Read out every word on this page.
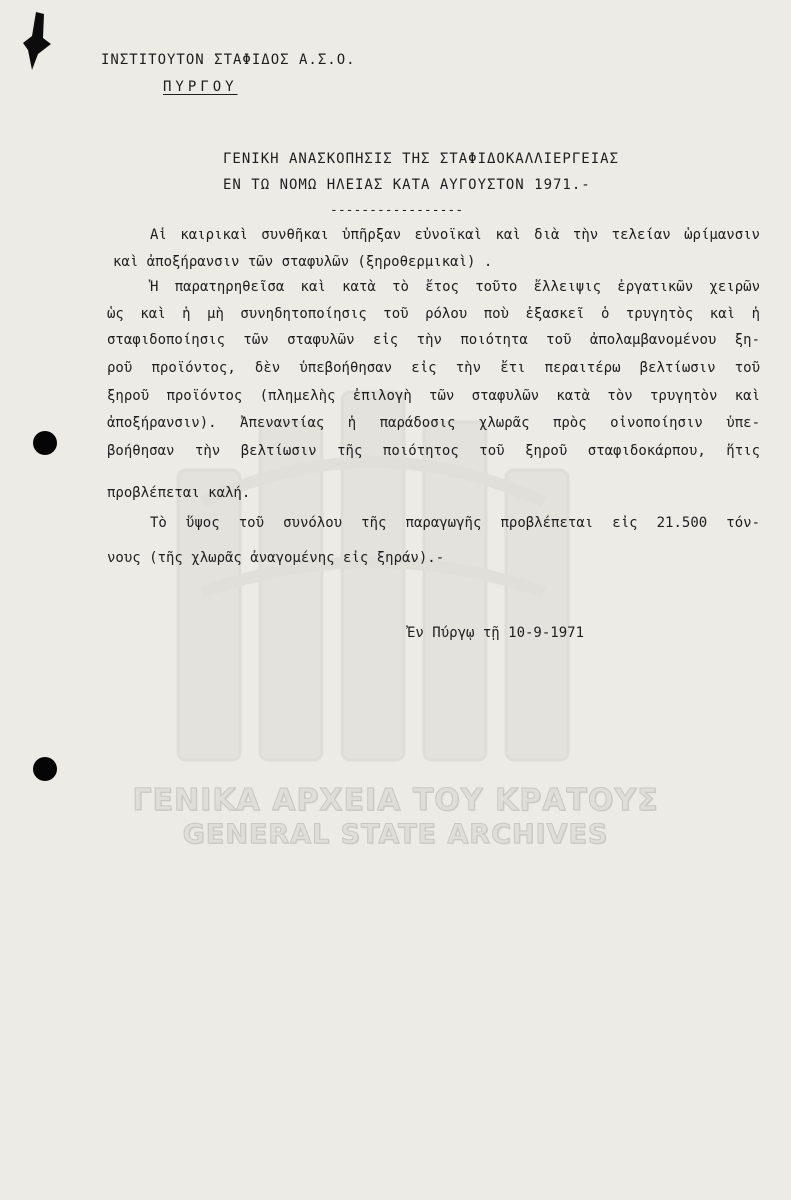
ΓΕΝΙΚΑ ΑΡΧΕΙΑ ΤΟΥ ΚΡΑΤΟΥΣ
GENERAL STATE ARCHIVES
ΙΝΣΤΙΤΟΥΤΟΝ ΣΤΑΦΙΔΟΣ Α.Σ.Ο.
ΠΥΡΓΟΥ
ΓΕΝΙΚΗ ΑΝΑΣΚΟΠΗΣΙΣ ΤΗΣ ΣΤΑΦΙΔΟΚΑΛΛΙΕΡΓΕΙΑΣ
ΕΝ ΤΩ ΝΟΜΩ ΗΛΕΙΑΣ ΚΑΤΑ ΑΥΓΟΥΣΤΟΝ 1971.-
-----------------
Αἱ καιρικαὶ συνθῆκαι ὑπῆρξαν εὐνοϊκαὶ καὶ διὰ τὴν τελείαν ὡρίμανσιν
καὶ ἀποξήρανσιν τῶν σταφυλῶν (ξηροθερμικαὶ) .
Ἡ παρατηρηθεῖσα καὶ κατὰ τὸ ἔτος τοῦτο ἔλλειψις ἐργατικῶν χειρῶν
ὡς καὶ ἡ μὴ συνηδητοποίησις τοῦ ρόλου ποὺ ἐξασκεῖ ὁ τρυγητὸς καὶ ἡ
σταφιδοποίησις τῶν σταφυλῶν εἰς τὴν ποιότητα τοῦ ἀπολαμβανομένου ξη-
ροῦ προϊόντος, δὲν ὑπεβοήθησαν εἰς τὴν ἔτι περαιτέρω βελτίωσιν τοῦ
ξηροῦ προϊόντος (πλημελὴς ἐπιλογὴ τῶν σταφυλῶν κατὰ τὸν τρυγητὸν καὶ
ἀποξήρανσιν). Ἀπεναντίας ἡ παράδοσις χλωρᾶς πρὸς οἰνοποίησιν ὑπε-
βοήθησαν τὴν βελτίωσιν τῆς ποιότητος τοῦ ξηροῦ σταφιδοκάρπου, ἥτις
προβλέπεται καλή.
Τὸ ὕψος τοῦ συνόλου τῆς παραγωγῆς προβλέπεται εἰς 21.500 τόν-
νους (τῆς χλωρᾶς ἀναγομένης εἰς ξηράν).-
Ἐν Πύργῳ τῇ 10-9-1971
